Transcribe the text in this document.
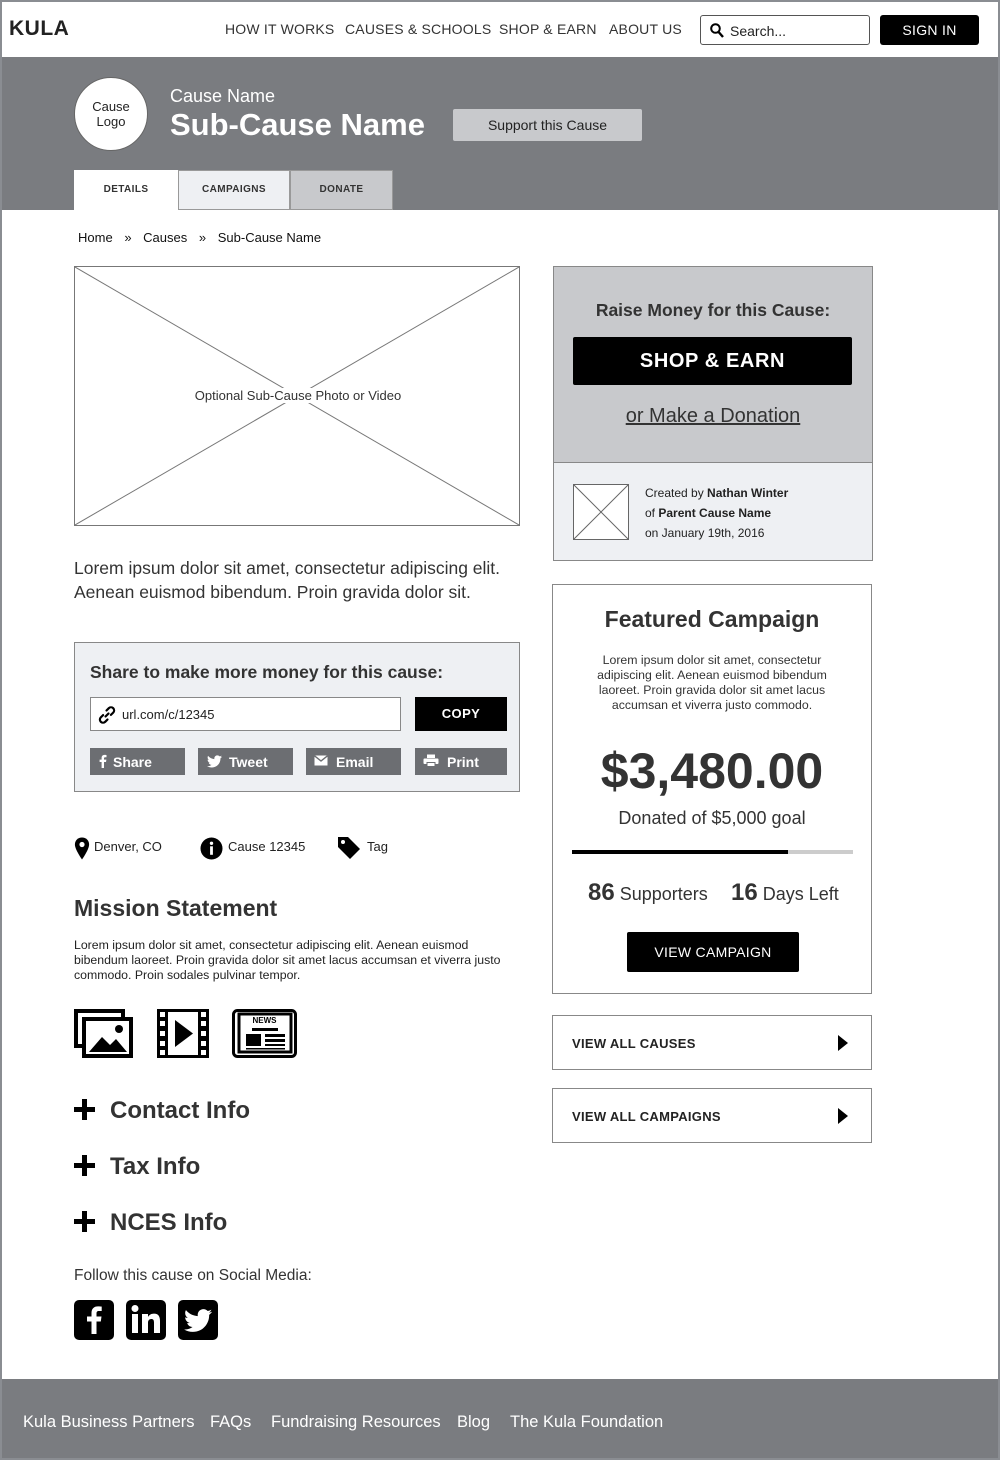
KULA	HOW IT WORKS CAUSES & SCHOOLS SHOP & EARN ABOUT US
Search...	SIGN IN
Cause
Logo
Cause Name
Sub-Cause Name	Support this Cause
DETAILS	CAMPAIGNS	DONATE
Home » Causes » Sub-Cause Name
Optional Sub-Cause Photo or Video
Lorem ipsum dolor sit amet, consectetur adipiscing elit. Aenean euismod bibendum. Proin gravida dolor sit.
Share to make more money for this cause:
url.com/c/12345	COPY
Share	Tweet	Email	Print
Denver, CO	Cause 12345	Tag
Mission Statement
Lorem ipsum dolor sit amet, consectetur adipiscing elit. Aenean euismod bibendum laoreet. Proin gravida dolor sit amet lacus accumsan et viverra justo commodo. Proin sodales pulvinar tempor.
NEWS
Contact Info
Tax Info
NCES Info
Follow this cause on Social Media:
Raise Money for this Cause:
SHOP & EARN
or Make a Donation
Created by Nathan Winter
of Parent Cause Name
on January 19th, 2016
Featured Campaign
Lorem ipsum dolor sit amet, consectetur adipiscing elit. Aenean euismod bibendum laoreet. Proin gravida dolor sit amet lacus accumsan et viverra justo commodo.
$3,480.00
Donated of $5,000 goal
86 Supporters 16 Days Left
VIEW CAMPAIGN
VIEW ALL CAUSES
VIEW ALL CAMPAIGNS
Kula Business Partners FAQs Fundraising Resources Blog The Kula Foundation
